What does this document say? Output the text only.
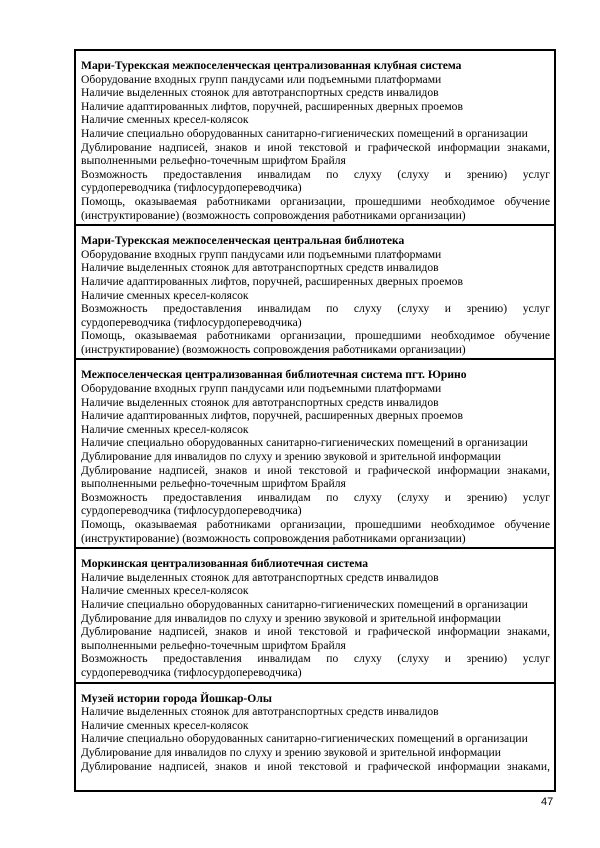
Мари-Турекская межпоселенческая централизованная клубная система
Оборудование входных групп пандусами или подъемными платформами
Наличие выделенных стоянок для автотранспортных средств инвалидов
Наличие адаптированных лифтов, поручней, расширенных дверных проемов
Наличие сменных кресел-колясок
Наличие специально оборудованных санитарно-гигиенических помещений в организации
Дублирование надписей, знаков и иной текстовой и графической информации знаками,
выполненными рельефно-точечным шрифтом Брайля
Возможность предоставления инвалидам по слуху (слуху и зрению) услуг
сурдопереводчика (тифлосурдопереводчика)
Помощь, оказываемая работниками организации, прошедшими необходимое обучение
(инструктирование) (возможность сопровождения работниками организации)
Мари-Турекская межпоселенческая центральная библиотека
Оборудование входных групп пандусами или подъемными платформами
Наличие выделенных стоянок для автотранспортных средств инвалидов
Наличие адаптированных лифтов, поручней, расширенных дверных проемов
Наличие сменных кресел-колясок
Возможность предоставления инвалидам по слуху (слуху и зрению) услуг
сурдопереводчика (тифлосурдопереводчика)
Помощь, оказываемая работниками организации, прошедшими необходимое обучение
(инструктирование) (возможность сопровождения работниками организации)
Межпоселенческая централизованная библиотечная система пгт. Юрино
Оборудование входных групп пандусами или подъемными платформами
Наличие выделенных стоянок для автотранспортных средств инвалидов
Наличие адаптированных лифтов, поручней, расширенных дверных проемов
Наличие сменных кресел-колясок
Наличие специально оборудованных санитарно-гигиенических помещений в организации
Дублирование для инвалидов по слуху и зрению звуковой и зрительной информации
Дублирование надписей, знаков и иной текстовой и графической информации знаками,
выполненными рельефно-точечным шрифтом Брайля
Возможность предоставления инвалидам по слуху (слуху и зрению) услуг
сурдопереводчика (тифлосурдопереводчика)
Помощь, оказываемая работниками организации, прошедшими необходимое обучение
(инструктирование) (возможность сопровождения работниками организации)
Моркинская централизованная библиотечная система
Наличие выделенных стоянок для автотранспортных средств инвалидов
Наличие сменных кресел-колясок
Наличие специально оборудованных санитарно-гигиенических помещений в организации
Дублирование для инвалидов по слуху и зрению звуковой и зрительной информации
Дублирование надписей, знаков и иной текстовой и графической информации знаками,
выполненными рельефно-точечным шрифтом Брайля
Возможность предоставления инвалидам по слуху (слуху и зрению) услуг
сурдопереводчика (тифлосурдопереводчика)
Музей истории города Йошкар-Олы
Наличие выделенных стоянок для автотранспортных средств инвалидов
Наличие сменных кресел-колясок
Наличие специально оборудованных санитарно-гигиенических помещений в организации
Дублирование для инвалидов по слуху и зрению звуковой и зрительной информации
Дублирование надписей, знаков и иной текстовой и графической информации знаками,
47
